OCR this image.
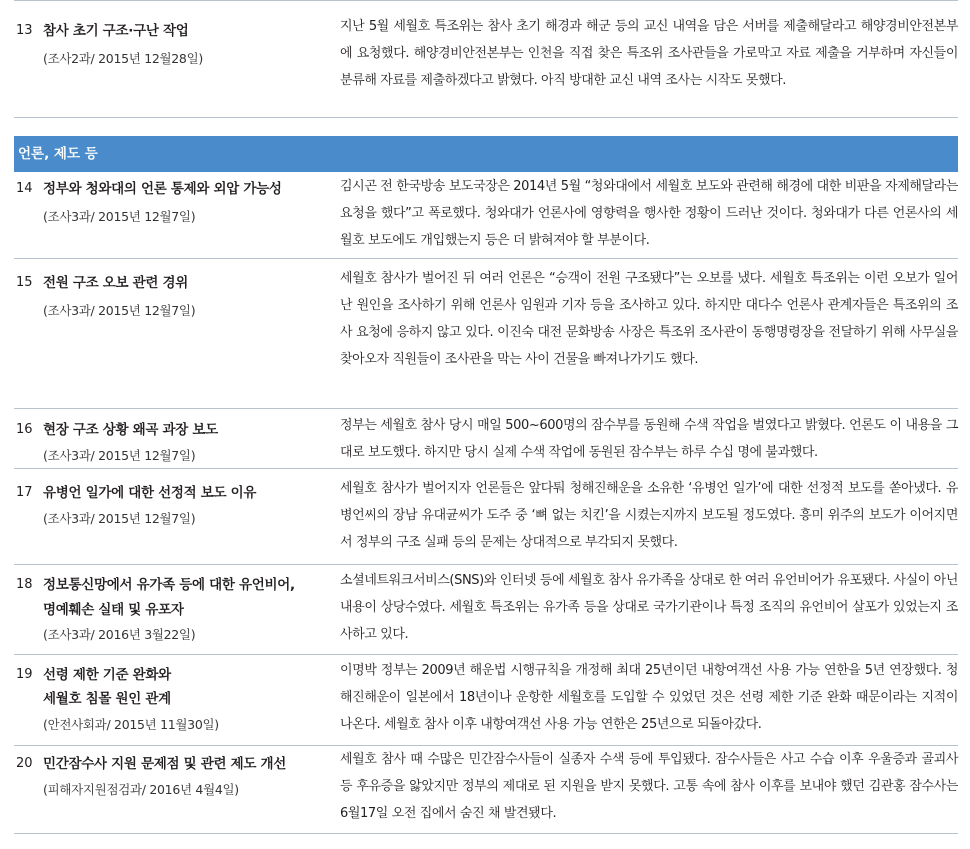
13 참사 초기 구조·구난 작업
(조사2과/ 2015년 12월28일)
지난 5월 세월호 특조위는 참사 초기 해경과 해군 등의 교신 내역을 담은 서버를 제출해달라고 해양경비안전본부에 요청했다. 해양경비안전본부는 인천을 직접 찾은 특조위 조사관들을 가로막고 자료 제출을 거부하며 자신들이 분류해 자료를 제출하겠다고 밝혔다. 아직 방대한 교신 내역 조사는 시작도 못했다.
언론, 제도 등
14 정부와 청와대의 언론 통제와 외압 가능성
(조사3과/ 2015년 12월7일)
김시곤 전 한국방송 보도국장은 2014년 5월 “청와대에서 세월호 보도와 관련해 해경에 대한 비판을 자제해달라는 요청을 했다”고 폭로했다. 청와대가 언론사에 영향력을 행사한 정황이 드러난 것이다. 청와대가 다른 언론사의 세월호 보도에도 개입했는지 등은 더 밝혀져야 할 부분이다.
15 전원 구조 오보 관련 경위
(조사3과/ 2015년 12월7일)
세월호 참사가 벌어진 뒤 여러 언론은 “승객이 전원 구조됐다”는 오보를 냈다. 세월호 특조위는 이런 오보가 일어난 원인을 조사하기 위해 언론사 임원과 기자 등을 조사하고 있다. 하지만 대다수 언론사 관계자들은 특조위의 조사 요청에 응하지 않고 있다. 이진숙 대전 문화방송 사장은 특조위 조사관이 동행명령장을 전달하기 위해 사무실을 찾아오자 직원들이 조사관을 막는 사이 건물을 빠져나가기도 했다.
16 현장 구조 상황 왜곡 과장 보도
(조사3과/ 2015년 12월7일)
정부는 세월호 참사 당시 매일 500~600명의 잠수부를 동원해 수색 작업을 벌였다고 밝혔다. 언론도 이 내용을 그대로 보도했다. 하지만 당시 실제 수색 작업에 동원된 잠수부는 하루 수십 명에 불과했다.
17 유병언 일가에 대한 선정적 보도 이유
(조사3과/ 2015년 12월7일)
세월호 참사가 벌어지자 언론들은 앞다퉈 청해진해운을 소유한 ‘유병언 일가’에 대한 선정적 보도를 쏟아냈다. 유병언씨의 장남 유대균씨가 도주 중 ‘뼈 없는 치킨’을 시켰는지까지 보도될 정도였다. 흥미 위주의 보도가 이어지면서 정부의 구조 실패 등의 문제는 상대적으로 부각되지 못했다.
18 정보통신망에서 유가족 등에 대한 유언비어,
명예훼손 실태 및 유포자
(조사3과/ 2016년 3월22일)
소셜네트워크서비스(SNS)와 인터넷 등에 세월호 참사 유가족을 상대로 한 여러 유언비어가 유포됐다. 사실이 아닌 내용이 상당수였다. 세월호 특조위는 유가족 등을 상대로 국가기관이나 특정 조직의 유언비어 살포가 있었는지 조사하고 있다.
19 선령 제한 기준 완화와
세월호 침몰 원인 관계
(안전사회과/ 2015년 11월30일)
이명박 정부는 2009년 해운법 시행규칙을 개정해 최대 25년이던 내항여객선 사용 가능 연한을 5년 연장했다. 청해진해운이 일본에서 18년이나 운항한 세월호를 도입할 수 있었던 것은 선령 제한 기준 완화 때문이라는 지적이 나온다. 세월호 참사 이후 내항여객선 사용 가능 연한은 25년으로 되돌아갔다.
20 민간잠수사 지원 문제점 및 관련 제도 개선
(피해자지원점검과/ 2016년 4월4일)
세월호 참사 때 수많은 민간잠수사들이 실종자 수색 등에 투입됐다. 잠수사들은 사고 수습 이후 우울증과 골괴사 등 후유증을 앓았지만 정부의 제대로 된 지원을 받지 못했다. 고통 속에 참사 이후를 보내야 했던 김관홍 잠수사는 6월17일 오전 집에서 숨진 채 발견됐다.
